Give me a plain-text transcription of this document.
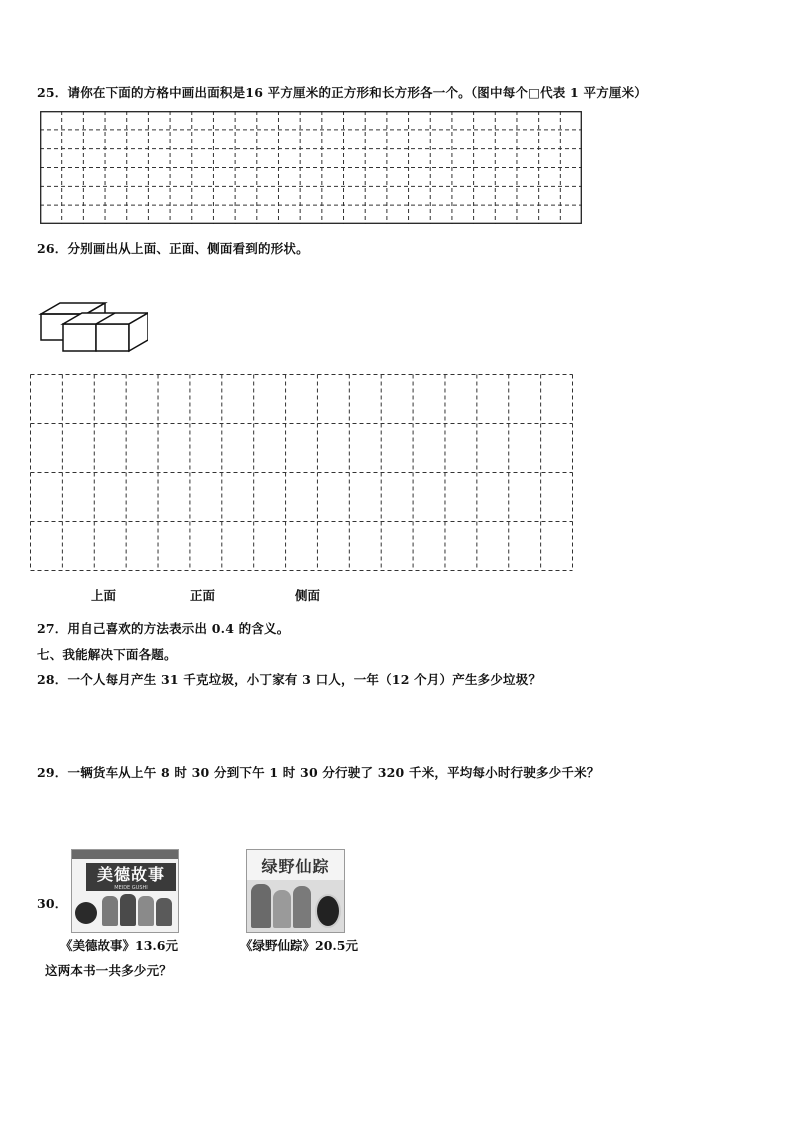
25．请你在下面的方格中画出面积是16 平方厘米的正方形和长方形各一个。（图中每个□代表 1 平方厘米）
26．分别画出从上面、正面、侧面看到的形状。
上面	正面	侧面
27．用自己喜欢的方法表示出 0.4 的含义。
七、我能解决下面各题。
28．一个人每月产生 31 千克垃圾，小丁家有 3 口人，一年（12 个月）产生多少垃圾？
29．一辆货车从上午 8 时 30 分到下午 1 时 30 分行驶了 320 千米，平均每小时行驶多少千米？
30．
美德故事
MEIDE GUSHI
绿野仙踪
《美德故事》13.6元	《绿野仙踪》20.5元
这两本书一共多少元？
